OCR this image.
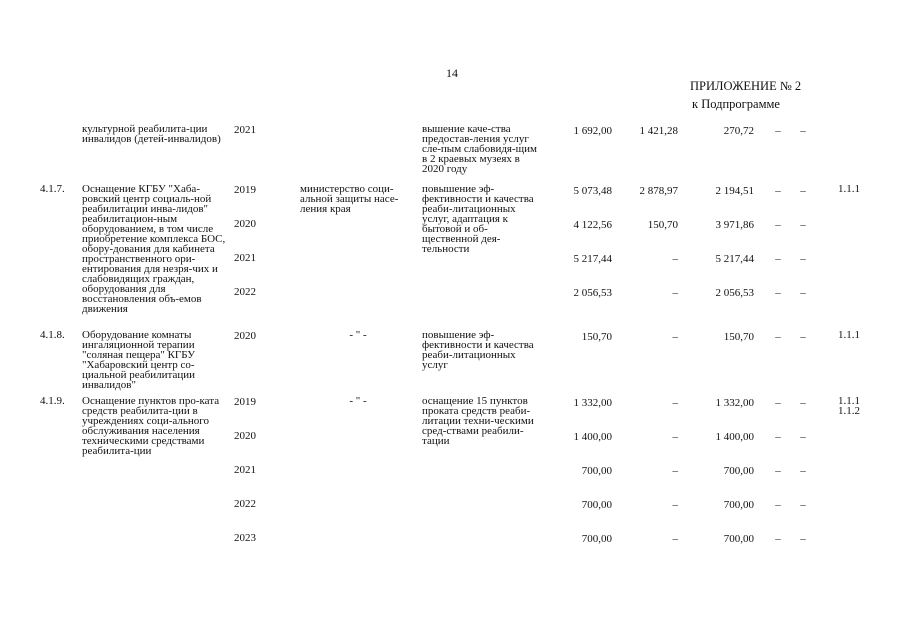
14
ПРИЛОЖЕНИЕ № 2
к Подпрограмме
	культурной реабилита-ции инвалидов (детей-инвалидов)	2021		вышение каче-ства предостав-ления услуг сле-пым слабовидя-щим в 2 краевых музеях в 2020 году	1 692,00	1 421,28	270,72	–	–	

4.1.7.	Оснащение КГБУ "Хаба-ровский центр социаль-ной реабилитации инва-лидов" реабилитацион-ным оборудованием, в том числе приобретение комплекса БОС, обору-дования для кабинета пространственного ори-ентирования для незря-чих и слабовидящих граждан, оборудования для восстановления объ-емов движения	2019	министерство соци-альной защиты насе-ления края	повышение эф-фективности и качества реаби-литационных услуг, адаптация к бытовой и об-щественной дея-тельности	5 073,48	2 878,97	2 194,51	–	–	1.1.1
		2020			4 122,56	150,70	3 971,86	–	–	
		2021			5 217,44	–	5 217,44	–	–	
		2022			2 056,53	–	2 056,53	–	–	

4.1.8.	Оборудование комнаты ингаляционной терапии "соляная пещера" КГБУ "Хабаровский центр со-циальной реабилитации инвалидов"	2020	- " -	повышение эф-фективности и качества реаби-литационных услуг	150,70	–	150,70	–	–	1.1.1

4.1.9.	Оснащение пунктов про-ката средств реабилита-ции в учреждениях соци-ального обслуживания населения техническими средствами реабилита-ции	2019	- " -	оснащение 15 пунктов проката средств реаби-литации техни-ческими сред-ствами реабили-тации	1 332,00	–	1 332,00	–	–	1.1.1 1.1.2
		2020			1 400,00	–	1 400,00	–	–	
		2021			700,00	–	700,00	–	–	
		2022			700,00	–	700,00	–	–	
		2023			700,00	–	700,00	–	–	
